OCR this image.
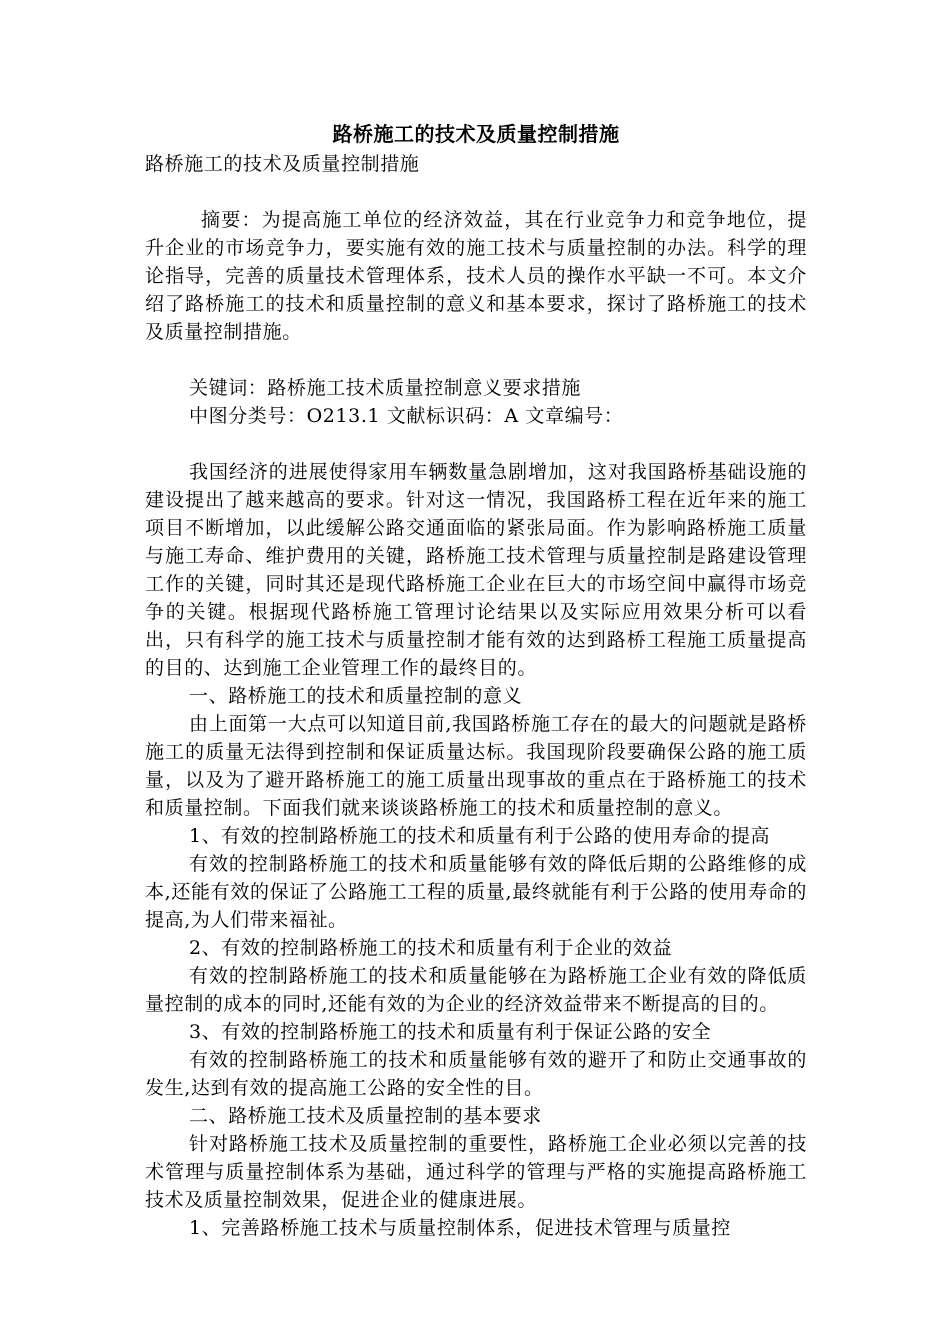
路桥施工的技术及质量控制措施

路桥施工的技术及质量控制措施

摘要：为提高施工单位的经济效益，其在行业竞争力和竞争地位，提升企业的市场竞争力，要实施有效的施工技术与质量控制的办法。科学的理论指导，完善的质量技术管理体系，技术人员的操作水平缺一不可。本文介绍了路桥施工的技术和质量控制的意义和基本要求，探讨了路桥施工的技术及质量控制措施。

关键词：路桥施工技术质量控制意义要求措施

中图分类号：O213.1 文献标识码：A 文章编号：

我国经济的进展使得家用车辆数量急剧增加，这对我国路桥基础设施的建设提出了越来越高的要求。针对这一情况，我国路桥工程在近年来的施工项目不断增加，以此缓解公路交通面临的紧张局面。作为影响路桥施工质量与施工寿命、维护费用的关键，路桥施工技术管理与质量控制是路建设管理工作的关键，同时其还是现代路桥施工企业在巨大的市场空间中赢得市场竞争的关键。根据现代路桥施工管理讨论结果以及实际应用效果分析可以看出，只有科学的施工技术与质量控制才能有效的达到路桥工程施工质量提高的目的、达到施工企业管理工作的最终目的。

一、路桥施工的技术和质量控制的意义

由上面第一大点可以知道目前,我国路桥施工存在的最大的问题就是路桥施工的质量无法得到控制和保证质量达标。我国现阶段要确保公路的施工质量，以及为了避开路桥施工的施工质量出现事故的重点在于路桥施工的技术和质量控制。下面我们就来谈谈路桥施工的技术和质量控制的意义。

1、有效的控制路桥施工的技术和质量有利于公路的使用寿命的提高

有效的控制路桥施工的技术和质量能够有效的降低后期的公路维修的成本,还能有效的保证了公路施工工程的质量,最终就能有利于公路的使用寿命的提高,为人们带来福祉。

2、有效的控制路桥施工的技术和质量有利于企业的效益

有效的控制路桥施工的技术和质量能够在为路桥施工企业有效的降低质量控制的成本的同时,还能有效的为企业的经济效益带来不断提高的目的。

3、有效的控制路桥施工的技术和质量有利于保证公路的安全

有效的控制路桥施工的技术和质量能够有效的避开了和防止交通事故的发生,达到有效的提高施工公路的安全性的目。

二、路桥施工技术及质量控制的基本要求

针对路桥施工技术及质量控制的重要性，路桥施工企业必须以完善的技术管理与质量控制体系为基础，通过科学的管理与严格的实施提高路桥施工技术及质量控制效果，促进企业的健康进展。

1、完善路桥施工技术与质量控制体系，促进技术管理与质量控
